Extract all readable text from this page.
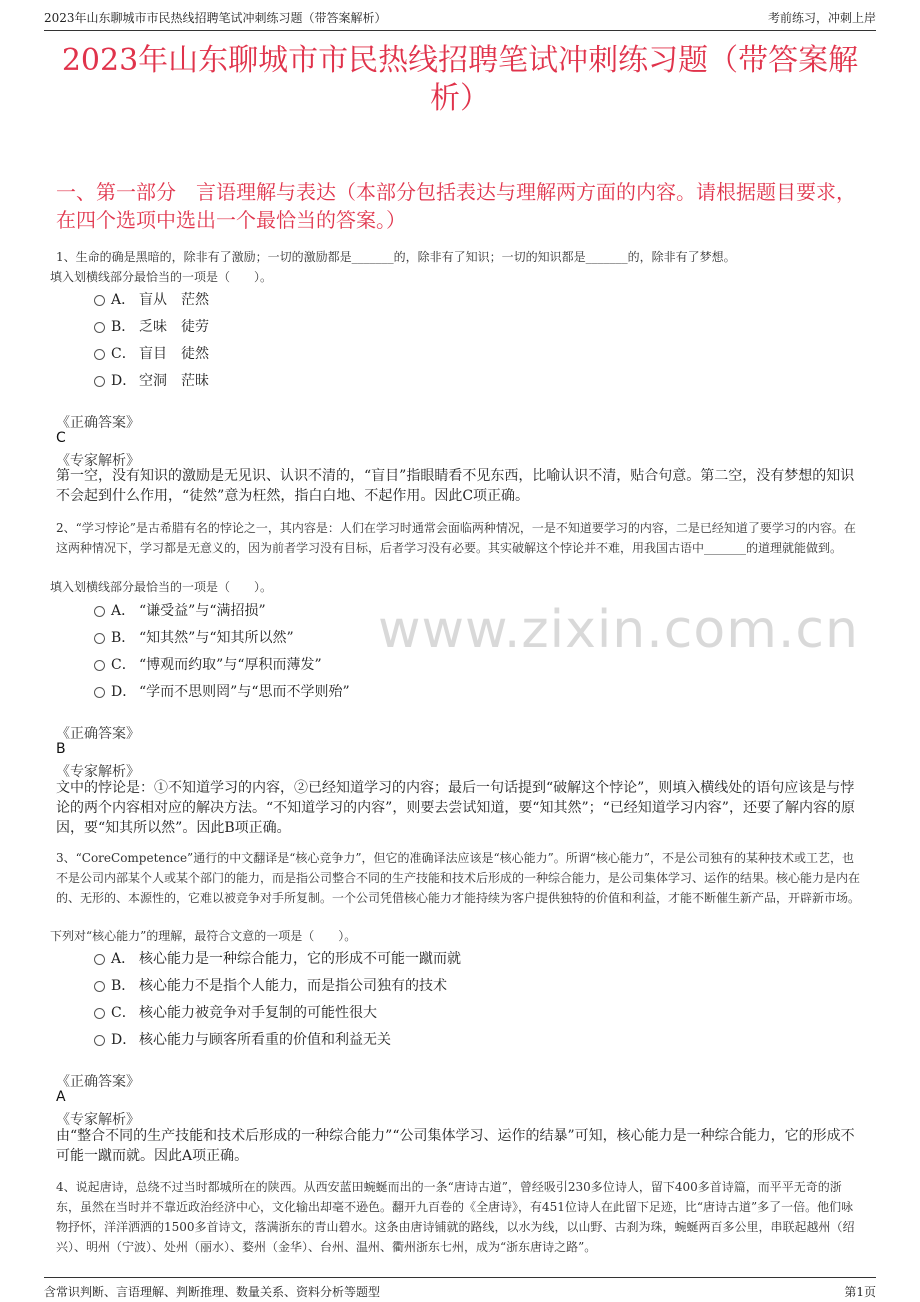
2023年山东聊城市市民热线招聘笔试冲刺练习题（带答案解析）	考前练习，冲刺上岸
2023年山东聊城市市民热线招聘笔试冲刺练习题（带答案解析）
一、第一部分　言语理解与表达（本部分包括表达与理解两方面的内容。请根据题目要求，在四个选项中选出一个最恰当的答案。）
1、生命的确是黑暗的，除非有了激励；一切的激励都是_______的，除非有了知识；一切的知识都是_______的，除非有了梦想。
填入划横线部分最恰当的一项是（　　）。
A． 盲从　茫然
B． 乏味　徒劳
C． 盲目　徒然
D． 空洞　茫昧
《正确答案》
C
《专家解析》
第一空，没有知识的激励是无见识、认识不清的，“盲目”指眼睛看不见东西，比喻认识不清，贴合句意。第二空，没有梦想的知识不会起到什么作用，“徒然”意为枉然，指白白地、不起作用。因此C项正确。
2、“学习悖论”是古希腊有名的悖论之一，其内容是：人们在学习时通常会面临两种情况，一是不知道要学习的内容，二是已经知道了要学习的内容。在这两种情况下，学习都是无意义的，因为前者学习没有目标，后者学习没有必要。其实破解这个悖论并不难，用我国古语中_______的道理就能做到。
填入划横线部分最恰当的一项是（　　）。
A． “谦受益”与“满招损”
B． “知其然”与“知其所以然”
C． “博观而约取”与“厚积而薄发”
D． “学而不思则罔”与“思而不学则殆”
《正确答案》
B
《专家解析》
文中的悖论是：①不知道学习的内容，②已经知道学习的内容；最后一句话提到“破解这个悖论”，则填入横线处的语句应该是与悖论的两个内容相对应的解决方法。“不知道学习的内容”，则要去尝试知道，要“知其然”；“已经知道学习内容”，还要了解内容的原因，要“知其所以然”。因此B项正确。
www.zixin.com.cn
3、“CoreCompetence”通行的中文翻译是“核心竞争力”，但它的准确译法应该是“核心能力”。所谓“核心能力”，不是公司独有的某种技术或工艺，也不是公司内部某个人或某个部门的能力，而是指公司整合不同的生产技能和技术后形成的一种综合能力，是公司集体学习、运作的结果。核心能力是内在的、无形的、本源性的，它难以被竞争对手所复制。一个公司凭借核心能力才能持续为客户提供独特的价值和利益，才能不断催生新产品，开辟新市场。
下列对“核心能力”的理解，最符合文意的一项是（　　）。
A． 核心能力是一种综合能力，它的形成不可能一蹴而就
B． 核心能力不是指个人能力，而是指公司独有的技术
C． 核心能力被竞争对手复制的可能性很大
D． 核心能力与顾客所看重的价值和利益无关
《正确答案》
A
《专家解析》
由“整合不同的生产技能和技术后形成的一种综合能力”“公司集体学习、运作的结暴”可知，核心能力是一种综合能力，它的形成不可能一蹴而就。因此A项正确。
4、说起唐诗，总绕不过当时都城所在的陕西。从西安蓝田蜿蜒而出的一条“唐诗古道”，曾经吸引230多位诗人，留下400多首诗篇，而平平无奇的浙东，虽然在当时并不靠近政治经济中心，文化输出却毫不逊色。翻开九百卷的《全唐诗》，有451位诗人在此留下足迹，比“唐诗古道”多了一倍。他们咏物抒怀，洋洋洒洒的1500多首诗文，落满浙东的青山碧水。这条由唐诗铺就的路线，以水为线，以山野、古刹为珠，蜿蜒两百多公里，串联起越州（绍兴）、明州（宁波）、处州（丽水）、婺州（金华）、台州、温州、衢州浙东七州，成为“浙东唐诗之路”。
含常识判断、言语理解、判断推理、数量关系、资料分析等题型	第1页
